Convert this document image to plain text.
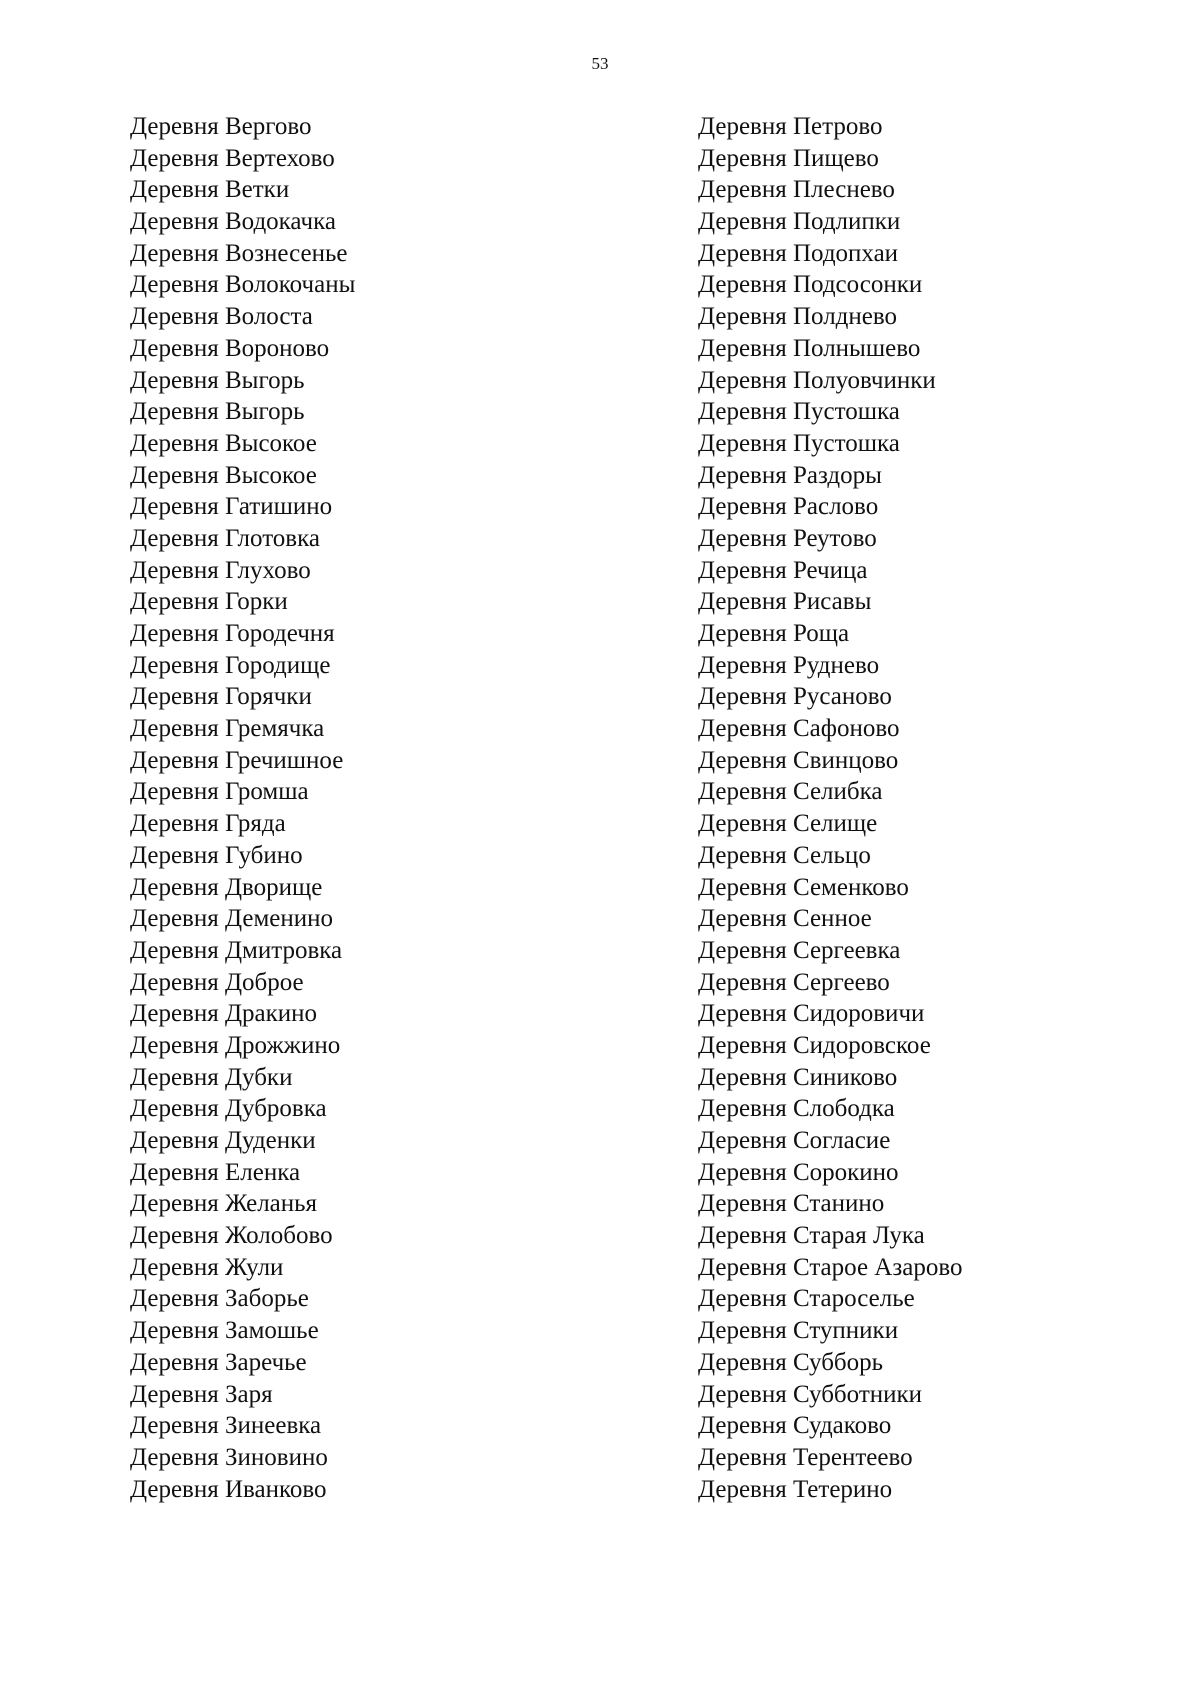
53
Деревня Вергово
Деревня Вертехово
Деревня Ветки
Деревня Водокачка
Деревня Вознесенье
Деревня Волокочаны
Деревня Волоста
Деревня Вороново
Деревня Выгорь
Деревня Выгорь
Деревня Высокое
Деревня Высокое
Деревня Гатишино
Деревня Глотовка
Деревня Глухово
Деревня Горки
Деревня Городечня
Деревня Городище
Деревня Горячки
Деревня Гремячка
Деревня Гречишное
Деревня Громша
Деревня Гряда
Деревня Губино
Деревня Дворище
Деревня Деменино
Деревня Дмитровка
Деревня Доброе
Деревня Дракино
Деревня Дрожжино
Деревня Дубки
Деревня Дубровка
Деревня Дуденки
Деревня Еленка
Деревня Желанья
Деревня Жолобово
Деревня Жули
Деревня Заборье
Деревня Замошье
Деревня Заречье
Деревня Заря
Деревня Зинеевка
Деревня Зиновино
Деревня Иванково
Деревня Петрово
Деревня Пищево
Деревня Плеснево
Деревня Подлипки
Деревня Подопхаи
Деревня Подсосонки
Деревня Полднево
Деревня Полнышево
Деревня Полуовчинки
Деревня Пустошка
Деревня Пустошка
Деревня Раздоры
Деревня Раслово
Деревня Реутово
Деревня Речица
Деревня Рисавы
Деревня Роща
Деревня Руднево
Деревня Русаново
Деревня Сафоново
Деревня Свинцово
Деревня Селибка
Деревня Селище
Деревня Сельцо
Деревня Семенково
Деревня Сенное
Деревня Сергеевка
Деревня Сергеево
Деревня Сидоровичи
Деревня Сидоровское
Деревня Синиково
Деревня Слободка
Деревня Согласие
Деревня Сорокино
Деревня Станино
Деревня Старая Лука
Деревня Старое Азарово
Деревня Староселье
Деревня Ступники
Деревня Субборь
Деревня Субботники
Деревня Судаково
Деревня Терентеево
Деревня Тетерино
